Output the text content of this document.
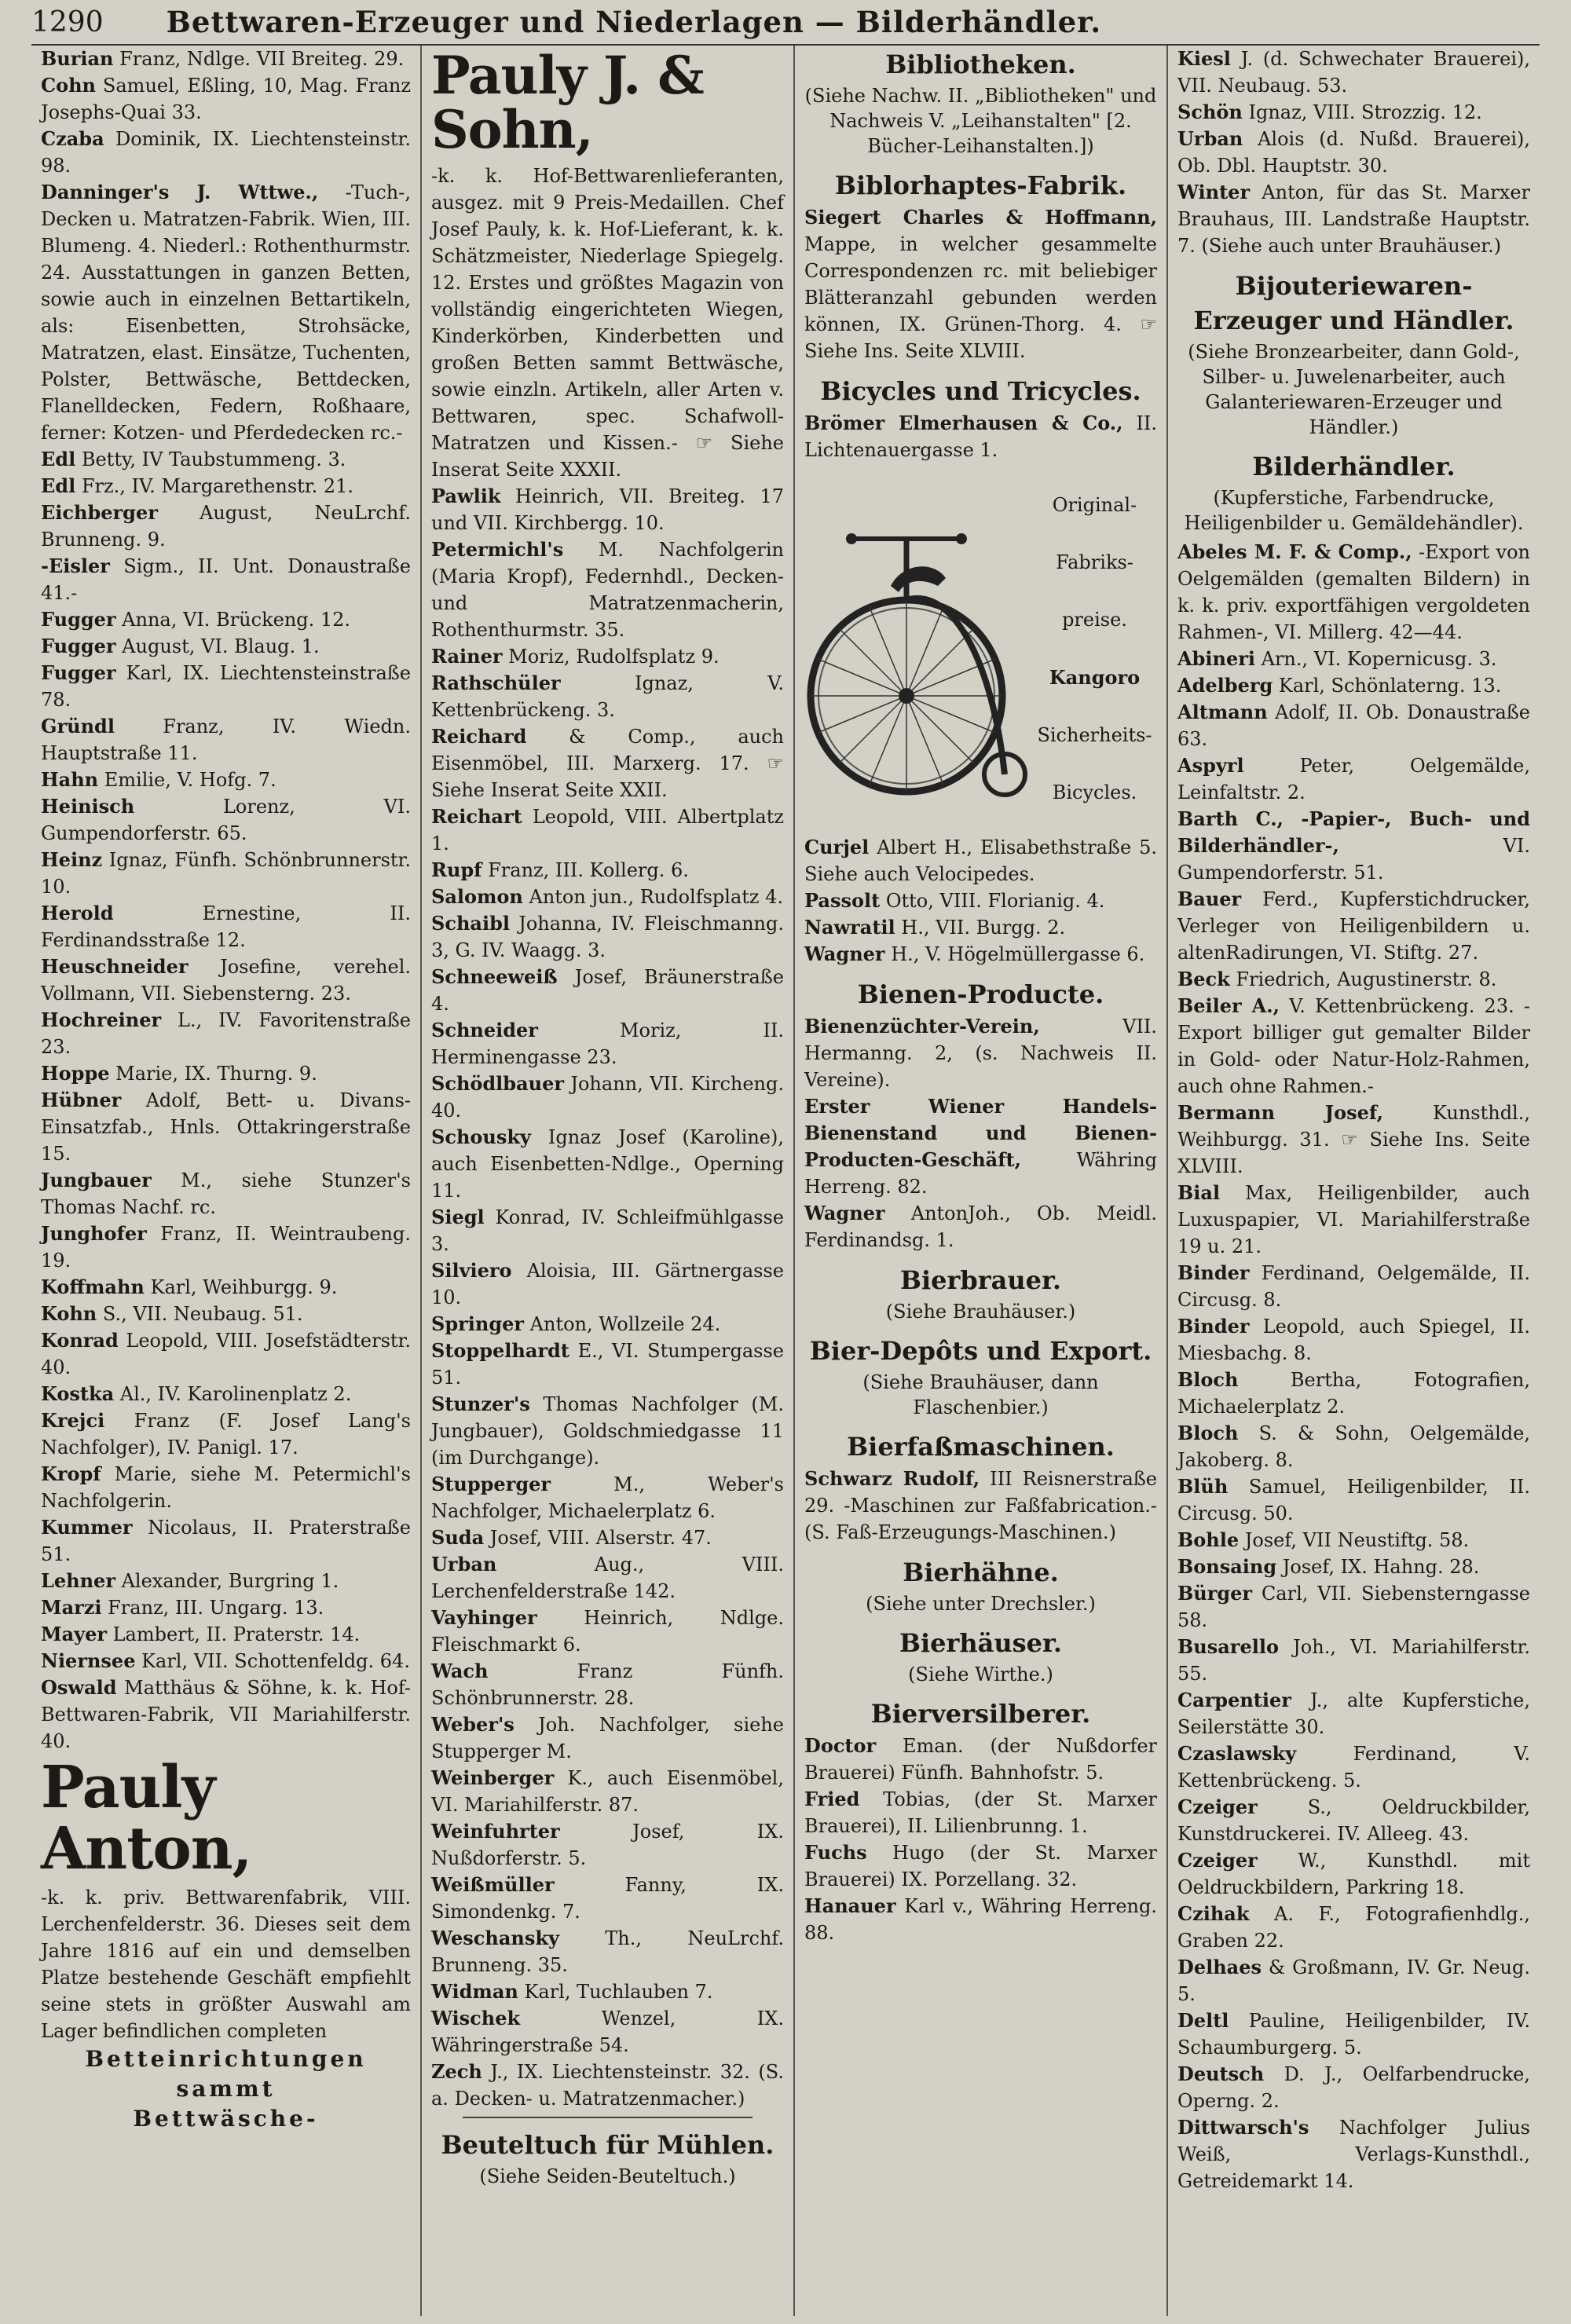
1290 Bettwaren-Erzeuger und Niederlagen — Bilderhändler.

Burian Franz, Ndlge. VII Breiteg. 29.

Cohn Samuel, Eßling, 10, Mag. Franz Josephs-Quai 33.

Czaba Dominik, IX. Liechtensteinstr. 98.

Danninger's J. Wttwe., -Tuch-, Decken u. Matratzen-Fabrik. Wien, III. Blumeng. 4. Niederl.: Rothenthurmstr. 24. Ausstattungen in ganzen Betten, sowie auch in einzelnen Bettartikeln, als: Eisenbetten, Strohsäcke, Matratzen, elast. Einsätze, Tuchenten, Polster, Bettwäsche, Bettdecken, Flanelldecken, Federn, Roßhaare, ferner: Kotzen- und Pferdedecken rc.-

Edl Betty, IV Taubstummeng. 3.

Edl Frz., IV. Margarethenstr. 21.

Eichberger August, NeuLrchf. Brunneng. 9.

-Eisler Sigm., II. Unt. Donaustraße 41.-

Fugger Anna, VI. Brückeng. 12.

Fugger August, VI. Blaug. 1.

Fugger Karl, IX. Liechtensteinstraße 78.

Gründl Franz, IV. Wiedn. Hauptstraße 11.

Hahn Emilie, V. Hofg. 7.

Heinisch Lorenz, VI. Gumpendorferstr. 65.

Heinz Ignaz, Fünfh. Schönbrunnerstr. 10.

Herold Ernestine, II. Ferdinandsstraße 12.

Heuschneider Josefine, verehel. Vollmann, VII. Siebensterng. 23.

Hochreiner L., IV. Favoritenstraße 23.

Hoppe Marie, IX. Thurng. 9.

Hübner Adolf, Bett- u. Divans-Einsatzfab., Hnls. Ottakringerstraße 15.

Jungbauer M., siehe Stunzer's Thomas Nachf. rc.

Junghofer Franz, II. Weintraubeng. 19.

Koffmahn Karl, Weihburgg. 9.

Kohn S., VII. Neubaug. 51.

Konrad Leopold, VIII. Josefstädterstr. 40.

Kostka Al., IV. Karolinenplatz 2.

Krejci Franz (F. Josef Lang's Nachfolger), IV. Panigl. 17.

Kropf Marie, siehe M. Petermichl's Nachfolgerin.

Kummer Nicolaus, II. Praterstraße 51.

Lehner Alexander, Burgring 1.

Marzi Franz, III. Ungarg. 13.

Mayer Lambert, II. Praterstr. 14.

Niernsee Karl, VII. Schottenfeldg. 64.

Oswald Matthäus & Söhne, k. k. Hof-Bettwaren-Fabrik, VII Mariahilferstr. 40.

Pauly Anton,

-k. k. priv. Bettwarenfabrik, VIII. Lerchenfelderstr. 36. Dieses seit dem Jahre 1816 auf ein und demselben Platze bestehende Geschäft empfiehlt seine stets in größter Auswahl am Lager befindlichen completen

Betteinrichtungen

sammt

Bettwäsche-

Pauly J. & Sohn,

-k. k. Hof-Bettwarenlieferanten, ausgez. mit 9 Preis-Medaillen. Chef Josef Pauly, k. k. Hof-Lieferant, k. k. Schätzmeister, Niederlage Spiegelg. 12. Erstes und größtes Magazin von vollständig eingerichteten Wiegen, Kinderkörben, Kinderbetten und großen Betten sammt Bettwäsche, sowie einzln. Artikeln, aller Arten v. Bettwaren, spec. Schafwoll-Matratzen und Kissen.- ☞ Siehe Inserat Seite XXXII.

Pawlik Heinrich, VII. Breiteg. 17 und VII. Kirchbergg. 10.

Petermichl's M. Nachfolgerin (Maria Kropf), Federnhdl., Decken- und Matratzenmacherin, Rothenthurmstr. 35.

Rainer Moriz, Rudolfsplatz 9.

Rathschüler Ignaz, V. Kettenbrückeng. 3.

Reichard & Comp., auch Eisenmöbel, III. Marxerg. 17. ☞ Siehe Inserat Seite XXII.

Reichart Leopold, VIII. Albertplatz 1.

Rupf Franz, III. Kollerg. 6.

Salomon Anton jun., Rudolfsplatz 4.

Schaibl Johanna, IV. Fleischmanng. 3, G. IV. Waagg. 3.

Schneeweiß Josef, Bräunerstraße 4.

Schneider Moriz, II. Herminengasse 23.

Schödlbauer Johann, VII. Kircheng. 40.

Schousky Ignaz Josef (Karoline), auch Eisenbetten-Ndlge., Operning 11.

Siegl Konrad, IV. Schleifmühlgasse 3.

Silviero Aloisia, III. Gärtnergasse 10.

Springer Anton, Wollzeile 24.

Stoppelhardt E., VI. Stumpergasse 51.

Stunzer's Thomas Nachfolger (M. Jungbauer), Goldschmiedgasse 11 (im Durchgange).

Stupperger M., Weber's Nachfolger, Michaelerplatz 6.

Suda Josef, VIII. Alserstr. 47.

Urban Aug., VIII. Lerchenfelderstraße 142.

Vayhinger Heinrich, Ndlge. Fleischmarkt 6.

Wach Franz Fünfh. Schönbrunnerstr. 28.

Weber's Joh. Nachfolger, siehe Stupperger M.

Weinberger K., auch Eisenmöbel, VI. Mariahilferstr. 87.

Weinfuhrter Josef, IX. Nußdorferstr. 5.

Weißmüller Fanny, IX. Simondenkg. 7.

Weschansky Th., NeuLrchf. Brunneng. 35.

Widman Karl, Tuchlauben 7.

Wischek Wenzel, IX. Währingerstraße 54.

Zech J., IX. Liechtensteinstr. 32. (S. a. Decken- u. Matratzenmacher.)

Beuteltuch für Mühlen.

(Siehe Seiden-Beuteltuch.)

Bibliotheken.

(Siehe Nachw. II. „Bibliotheken" und Nachweis V. „Leihanstalten" [2. Bücher-Leihanstalten.])

Biblorhaptes-Fabrik.

Siegert Charles & Hoffmann, Mappe, in welcher gesammelte Correspondenzen rc. mit beliebiger Blätteranzahl gebunden werden können, IX. Grünen-Thorg. 4. ☞ Siehe Ins. Seite XLVIII.

Bicycles und Tricycles.

Brömer Elmerhausen & Co., II. Lichtenauergasse 1.

Original-
Fabriks-
preise.
Kangoro
Sicherheits-
Bicycles.

Curjel Albert H., Elisabethstraße 5. Siehe auch Velocipedes.

Passolt Otto, VIII. Florianig. 4.

Nawratil H., VII. Burgg. 2.

Wagner H., V. Högelmüllergasse 6.

Bienen-Producte.

Bienenzüchter-Verein, VII. Hermanng. 2, (s. Nachweis II. Vereine).

Erster Wiener Handels-Bienenstand und Bienen-Producten-Geschäft, Währing Herreng. 82.

Wagner AntonJoh., Ob. Meidl. Ferdinandsg. 1.

Bierbrauer.

(Siehe Brauhäuser.)

Bier-Depôts und Export.

(Siehe Brauhäuser, dann Flaschenbier.)

Bierfaßmaschinen.

Schwarz Rudolf, III Reisnerstraße 29. -Maschinen zur Faßfabrication.- (S. Faß-Erzeugungs-Maschinen.)

Bierhähne.

(Siehe unter Drechsler.)

Bierhäuser.

(Siehe Wirthe.)

Bierversilberer.

Doctor Eman. (der Nußdorfer Brauerei) Fünfh. Bahnhofstr. 5.

Fried Tobias, (der St. Marxer Brauerei), II. Lilienbrunng. 1.

Fuchs Hugo (der St. Marxer Brauerei) IX. Porzellang. 32.

Hanauer Karl v., Währing Herreng. 88.

Kiesl J. (d. Schwechater Brauerei), VII. Neubaug. 53.

Schön Ignaz, VIII. Strozzig. 12.

Urban Alois (d. Nußd. Brauerei), Ob. Dbl. Hauptstr. 30.

Winter Anton, für das St. Marxer Brauhaus, III. Landstraße Hauptstr. 7. (Siehe auch unter Brauhäuser.)

Bijouteriewaren-
Erzeuger und Händler.

(Siehe Bronzearbeiter, dann Gold-, Silber- u. Juwelenarbeiter, auch Galanteriewaren-Erzeuger und Händler.)

Bilderhändler.

(Kupferstiche, Farbendrucke, Heiligenbilder u. Gemäldehändler).

Abeles M. F. & Comp., -Export von Oelgemälden (gemalten Bildern) in k. k. priv. exportfähigen vergoldeten Rahmen-, VI. Millerg. 42—44.

Abineri Arn., VI. Kopernicusg. 3.

Adelberg Karl, Schönlaterng. 13.

Altmann Adolf, II. Ob. Donaustraße 63.

Aspyrl Peter, Oelgemälde, Leinfaltstr. 2.

Barth C., -Papier-, Buch- und Bilderhändler-, VI. Gumpendorferstr. 51.

Bauer Ferd., Kupferstichdrucker, Verleger von Heiligenbildern u. altenRadirungen, VI. Stiftg. 27.

Beck Friedrich, Augustinerstr. 8.

Beiler A., V. Kettenbrückeng. 23. -Export billiger gut gemalter Bilder in Gold- oder Natur-Holz-Rahmen, auch ohne Rahmen.-

Bermann Josef, Kunsthdl., Weihburgg. 31. ☞ Siehe Ins. Seite XLVIII.

Bial Max, Heiligenbilder, auch Luxuspapier, VI. Mariahilferstraße 19 u. 21.

Binder Ferdinand, Oelgemälde, II. Circusg. 8.

Binder Leopold, auch Spiegel, II. Miesbachg. 8.

Bloch Bertha, Fotografien, Michaelerplatz 2.

Bloch S. & Sohn, Oelgemälde, Jakoberg. 8.

Blüh Samuel, Heiligenbilder, II. Circusg. 50.

Bohle Josef, VII Neustiftg. 58.

Bonsaing Josef, IX. Hahng. 28.

Bürger Carl, VII. Siebensterngasse 58.

Busarello Joh., VI. Mariahilferstr. 55.

Carpentier J., alte Kupferstiche, Seilerstätte 30.

Czaslawsky Ferdinand, V. Kettenbrückeng. 5.

Czeiger S., Oeldruckbilder, Kunstdruckerei. IV. Alleeg. 43.

Czeiger W., Kunsthdl. mit Oeldruckbildern, Parkring 18.

Czihak A. F., Fotografienhdlg., Graben 22.

Delhaes & Großmann, IV. Gr. Neug. 5.

Deltl Pauline, Heiligenbilder, IV. Schaumburgerg. 5.

Deutsch D. J., Oelfarbendrucke, Operng. 2.

Dittwarsch's Nachfolger Julius Weiß, Verlags-Kunsthdl., Getreidemarkt 14.
